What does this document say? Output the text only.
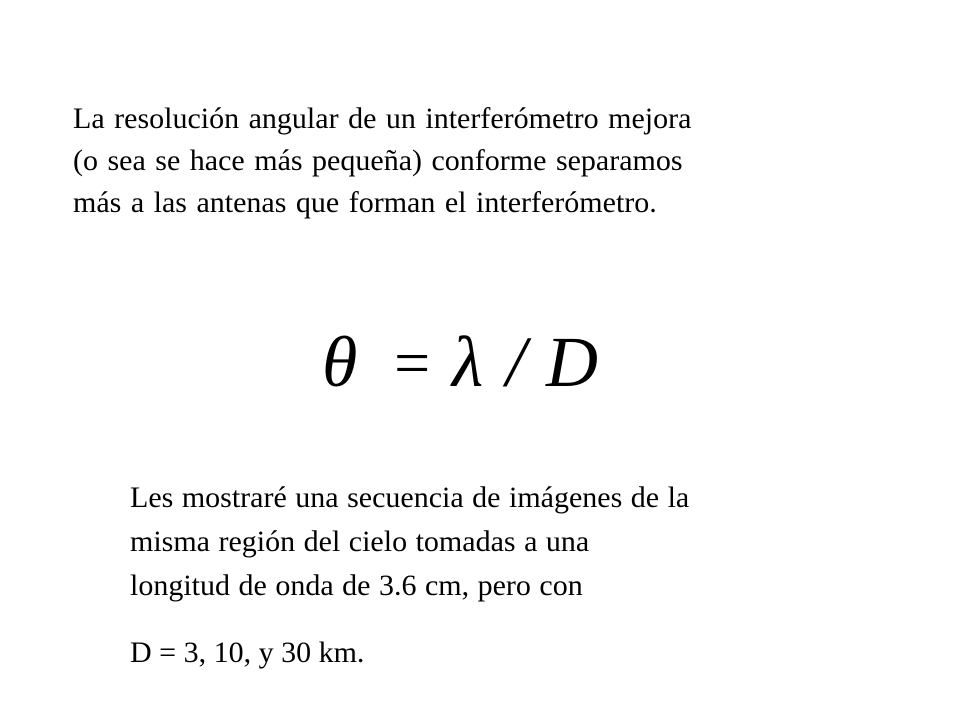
La resolución angular de un interferómetro mejora
(o sea se hace más pequeña) conforme separamos
más a las antenas que forman el interferómetro.

θ = λ / D

Les mostraré una secuencia de imágenes de la
misma región del cielo tomadas a una
longitud de onda de 3.6 cm, pero con

D = 3, 10, y 30 km.
